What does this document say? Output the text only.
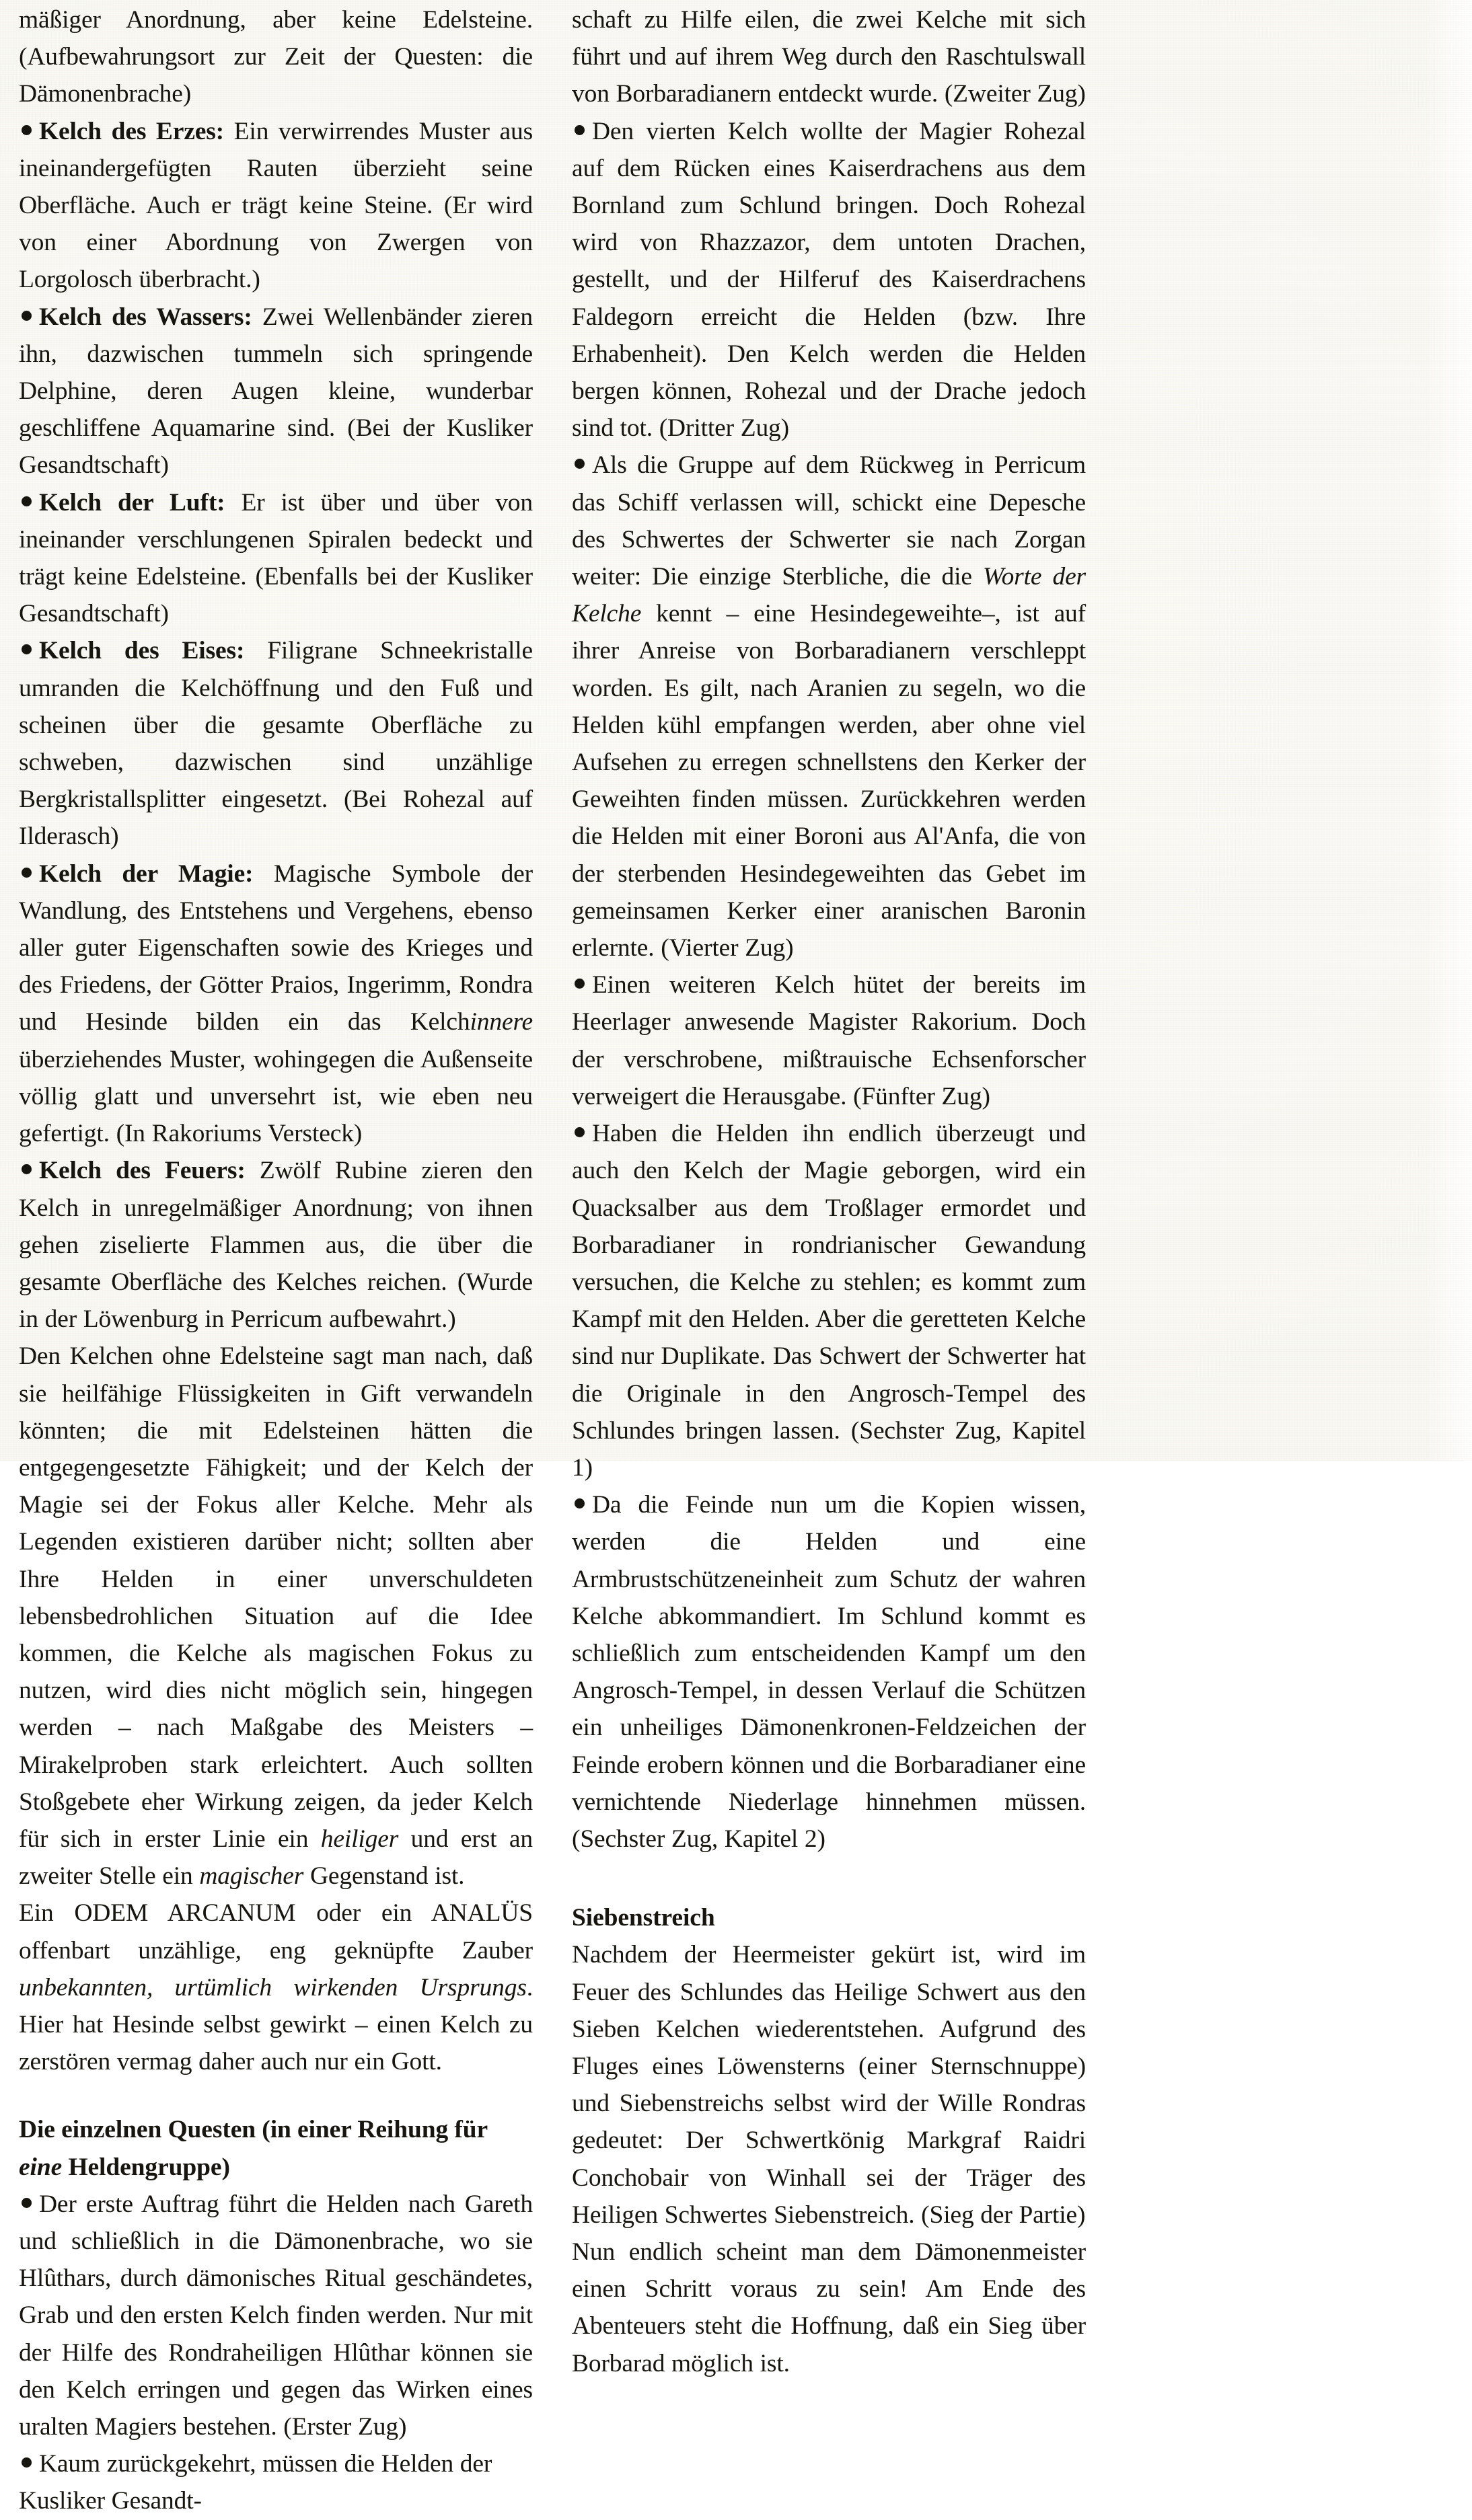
mäßiger Anordnung, aber keine Edelsteine. (Aufbewahrungsort zur Zeit der Questen: die Dämonenbrache)

Kelch des Erzes: Ein verwirrendes Muster aus ineinandergefügten Rauten überzieht seine Oberfläche. Auch er trägt keine Steine. (Er wird von einer Abordnung von Zwergen von Lorgolosch überbracht.)

Kelch des Wassers: Zwei Wellenbänder zieren ihn, dazwischen tummeln sich springende Delphine, deren Augen kleine, wunderbar geschliffene Aquamarine sind. (Bei der Kusliker Gesandtschaft)

Kelch der Luft: Er ist über und über von ineinander verschlungenen Spiralen bedeckt und trägt keine Edelsteine. (Ebenfalls bei der Kusliker Gesandtschaft)

Kelch des Eises: Filigrane Schneekristalle umranden die Kelchöffnung und den Fuß und scheinen über die gesamte Oberfläche zu schweben, dazwischen sind unzählige Bergkristallsplitter eingesetzt. (Bei Rohezal auf Ilderasch)

Kelch der Magie: Magische Symbole der Wandlung, des Entstehens und Vergehens, ebenso aller guter Eigenschaften sowie des Krieges und des Friedens, der Götter Praios, Ingerimm, Rondra und Hesinde bilden ein das Kelchinnere überziehendes Muster, wohingegen die Außenseite völlig glatt und unversehrt ist, wie eben neu gefertigt. (In Rakoriums Versteck)

Kelch des Feuers: Zwölf Rubine zieren den Kelch in unregelmäßiger Anordnung; von ihnen gehen ziselierte Flammen aus, die über die gesamte Oberfläche des Kelches reichen. (Wurde in der Löwenburg in Perricum aufbewahrt.)

Den Kelchen ohne Edelsteine sagt man nach, daß sie heilfähige Flüssigkeiten in Gift verwandeln könnten; die mit Edelsteinen hätten die entgegengesetzte Fähigkeit; und der Kelch der Magie sei der Fokus aller Kelche. Mehr als Legenden existieren darüber nicht; sollten aber Ihre Helden in einer unverschuldeten lebensbedrohlichen Situation auf die Idee kommen, die Kelche als magischen Fokus zu nutzen, wird dies nicht möglich sein, hingegen werden – nach Maßgabe des Meisters – Mirakelproben stark erleichtert. Auch sollten Stoßgebete eher Wirkung zeigen, da jeder Kelch für sich in erster Linie ein heiliger und erst an zweiter Stelle ein magischer Gegenstand ist.

Ein ODEM ARCANUM oder ein ANALÜS offenbart unzählige, eng geknüpfte Zauber unbekannten, urtümlich wirkenden Ursprungs. Hier hat Hesinde selbst gewirkt – einen Kelch zu zerstören vermag daher auch nur ein Gott.

Die einzelnen Questen (in einer Reihung für eine Heldengruppe)

Der erste Auftrag führt die Helden nach Gareth und schließlich in die Dämonenbrache, wo sie Hlûthars, durch dämonisches Ritual geschändetes, Grab und den ersten Kelch finden werden. Nur mit der Hilfe des Rondraheiligen Hlûthar können sie den Kelch erringen und gegen das Wirken eines uralten Magiers bestehen. (Erster Zug)

Kaum zurückgekehrt, müssen die Helden der Kusliker Gesandt-

schaft zu Hilfe eilen, die zwei Kelche mit sich führt und auf ihrem Weg durch den Raschtulswall von Borbaradianern entdeckt wurde. (Zweiter Zug)

Den vierten Kelch wollte der Magier Rohezal auf dem Rücken eines Kaiserdrachens aus dem Bornland zum Schlund bringen. Doch Rohezal wird von Rhazzazor, dem untoten Drachen, gestellt, und der Hilferuf des Kaiserdrachens Faldegorn erreicht die Helden (bzw. Ihre Erhabenheit). Den Kelch werden die Helden bergen können, Rohezal und der Drache jedoch sind tot. (Dritter Zug)

Als die Gruppe auf dem Rückweg in Perricum das Schiff verlassen will, schickt eine Depesche des Schwertes der Schwerter sie nach Zorgan weiter: Die einzige Sterbliche, die die Worte der Kelche kennt – eine Hesindegeweihte–, ist auf ihrer Anreise von Borbaradianern verschleppt worden. Es gilt, nach Aranien zu segeln, wo die Helden kühl empfangen werden, aber ohne viel Aufsehen zu erregen schnellstens den Kerker der Geweihten finden müssen. Zurückkehren werden die Helden mit einer Boroni aus Al'Anfa, die von der sterbenden Hesindegeweihten das Gebet im gemeinsamen Kerker einer aranischen Baronin erlernte. (Vierter Zug)

Einen weiteren Kelch hütet der bereits im Heerlager anwesende Magister Rakorium. Doch der verschrobene, mißtrauische Echsenforscher verweigert die Herausgabe. (Fünfter Zug)

Haben die Helden ihn endlich überzeugt und auch den Kelch der Magie geborgen, wird ein Quacksalber aus dem Troßlager ermordet und Borbaradianer in rondrianischer Gewandung versuchen, die Kelche zu stehlen; es kommt zum Kampf mit den Helden. Aber die geretteten Kelche sind nur Duplikate. Das Schwert der Schwerter hat die Originale in den Angrosch-Tempel des Schlundes bringen lassen. (Sechster Zug, Kapitel 1)

Da die Feinde nun um die Kopien wissen, werden die Helden und eine Armbrustschützeneinheit zum Schutz der wahren Kelche abkommandiert. Im Schlund kommt es schließlich zum entscheidenden Kampf um den Angrosch-Tempel, in dessen Verlauf die Schützen ein unheiliges Dämonenkronen-Feldzeichen der Feinde erobern können und die Borbaradianer eine vernichtende Niederlage hinnehmen müssen. (Sechster Zug, Kapitel 2)

Siebenstreich

Nachdem der Heermeister gekürt ist, wird im Feuer des Schlundes das Heilige Schwert aus den Sieben Kelchen wiederentstehen. Aufgrund des Fluges eines Löwensterns (einer Sternschnuppe) und Siebenstreichs selbst wird der Wille Rondras gedeutet: Der Schwertkönig Markgraf Raidri Conchobair von Winhall sei der Träger des Heiligen Schwertes Siebenstreich. (Sieg der Partie)

Nun endlich scheint man dem Dämonenmeister einen Schritt voraus zu sein! Am Ende des Abenteuers steht die Hoffnung, daß ein Sieg über Borbarad möglich ist.
